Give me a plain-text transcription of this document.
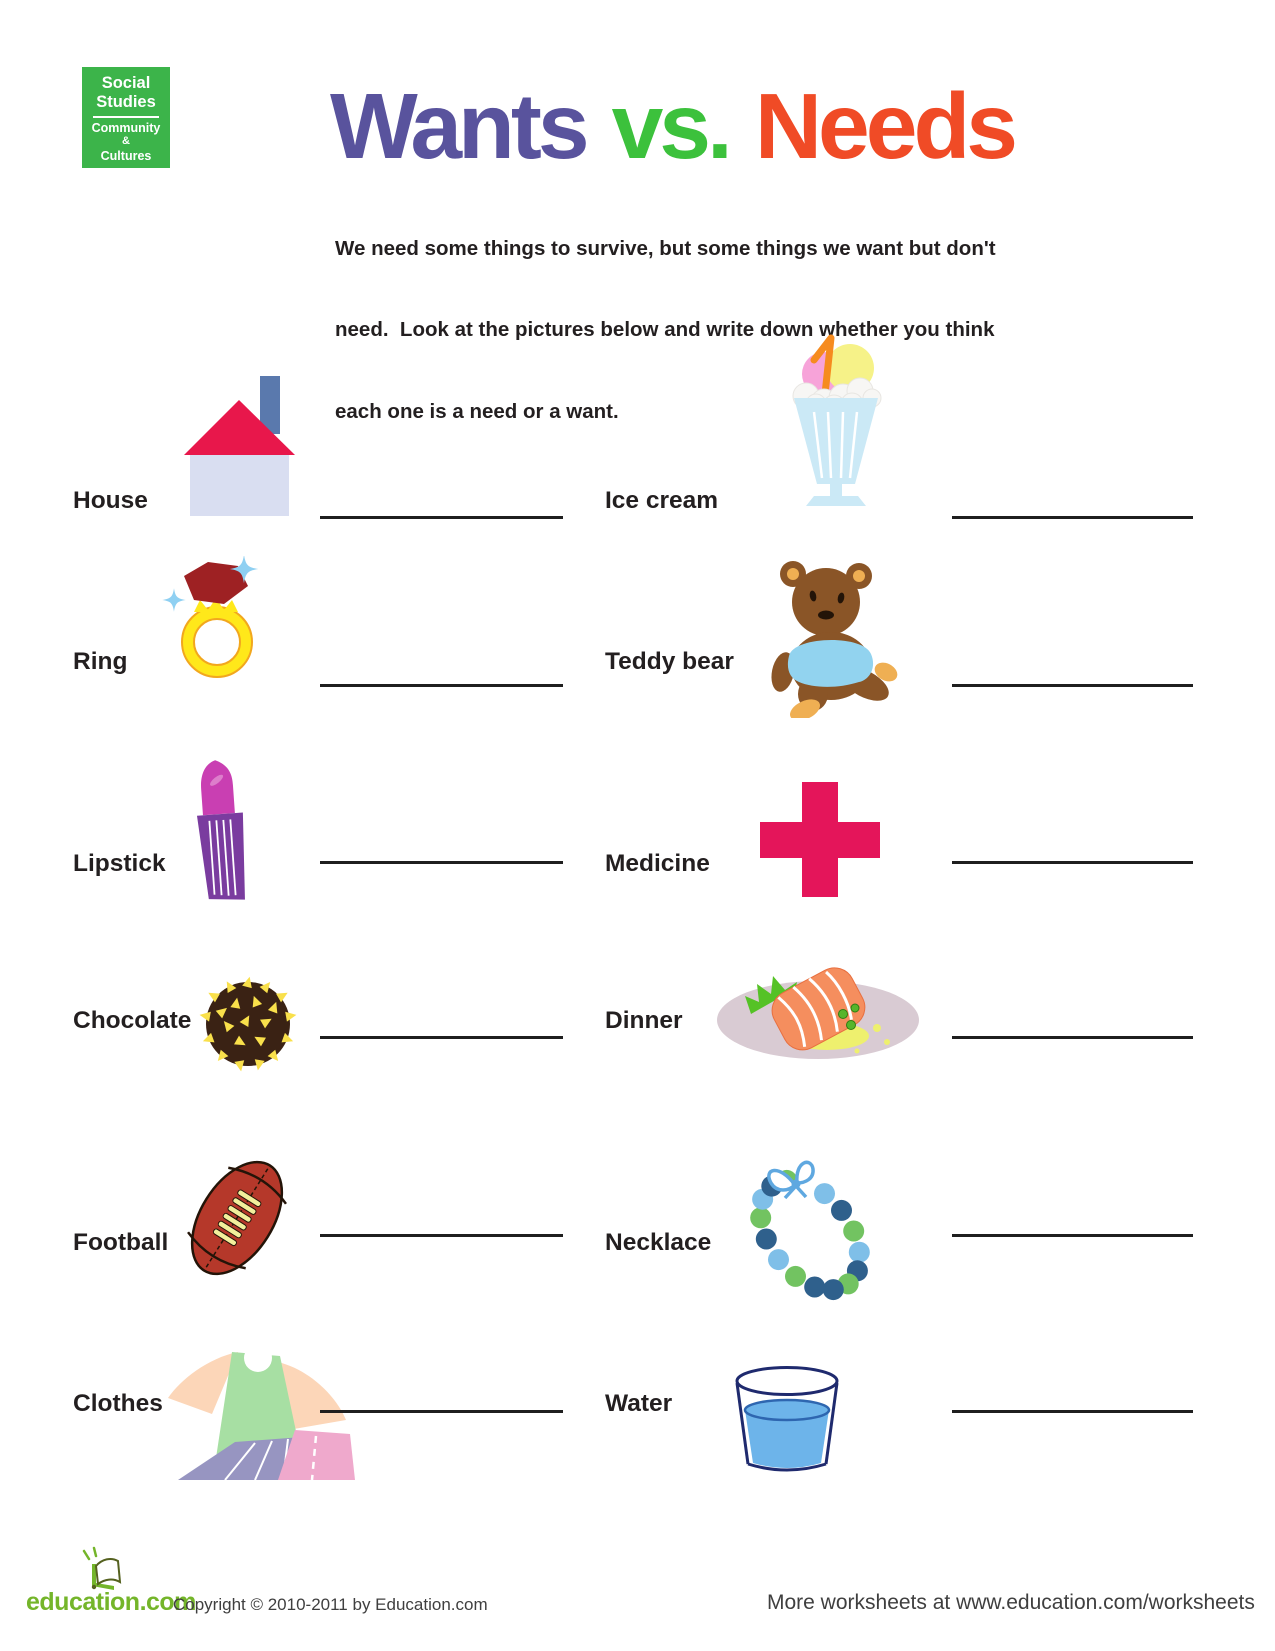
Social
Studies
Community
&
Cultures Wants vs. Needs

We need some things to survive, but some things we want but don't

need.  Look at the pictures below and write down whether you think

each one is a need or a want.

House	Ice cream
Ring	Teddy bear
Lipstick	Medicine
Chocolate	Dinner
Football	Necklace
Clothes	Water
education.com
Copyright © 2010-2011 by Education.com	More worksheets at www.education.com/worksheets
